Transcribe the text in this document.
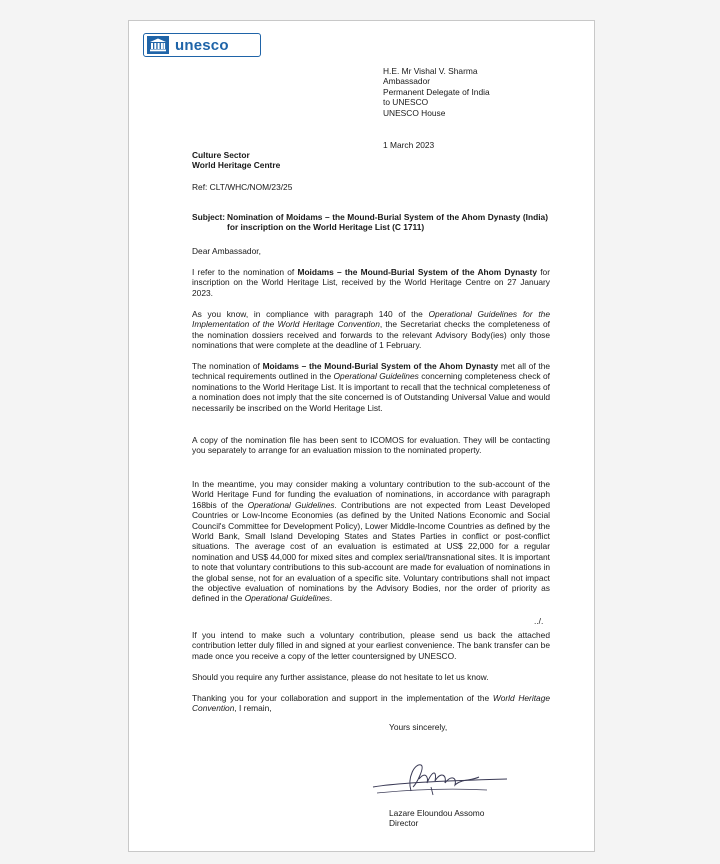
unesco
H.E. Mr Vishal V. Sharma
Ambassador
Permanent Delegate of India
to UNESCO
UNESCO House
1 March 2023
Culture Sector
World Heritage Centre
Ref: CLT/WHC/NOM/23/25
Subject: Nomination of Moidams – the Mound-Burial System of the Ahom Dynasty (India) for inscription on the World Heritage List (C 1711)
Dear Ambassador,
I refer to the nomination of Moidams – the Mound-Burial System of the Ahom Dynasty for inscription on the World Heritage List, received by the World Heritage Centre on 27 January 2023.
As you know, in compliance with paragraph 140 of the Operational Guidelines for the Implementation of the World Heritage Convention, the Secretariat checks the completeness of the nomination dossiers received and forwards to the relevant Advisory Body(ies) only those nominations that were complete at the deadline of 1 February.
The nomination of Moidams – the Mound-Burial System of the Ahom Dynasty met all of the technical requirements outlined in the Operational Guidelines concerning completeness check of nominations to the World Heritage List. It is important to recall that the technical completeness of a nomination does not imply that the site concerned is of Outstanding Universal Value and would necessarily be inscribed on the World Heritage List.
A copy of the nomination file has been sent to ICOMOS for evaluation. They will be contacting you separately to arrange for an evaluation mission to the nominated property.
In the meantime, you may consider making a voluntary contribution to the sub-account of the World Heritage Fund for funding the evaluation of nominations, in accordance with paragraph 168bis of the Operational Guidelines. Contributions are not expected from Least Developed Countries or Low-Income Economies (as defined by the United Nations Economic and Social Council's Committee for Development Policy), Lower Middle-Income Countries as defined by the World Bank, Small Island Developing States and States Parties in conflict or post-conflict situations. The average cost of an evaluation is estimated at US$ 22,000 for a regular nomination and US$ 44,000 for mixed sites and complex serial/transnational sites. It is important to note that voluntary contributions to this sub-account are made for evaluation of nominations in the global sense, not for an evaluation of a specific site. Voluntary contributions shall not impact the objective evaluation of nominations by the Advisory Bodies, nor the order of priority as defined in the Operational Guidelines.
../.
If you intend to make such a voluntary contribution, please send us back the attached contribution letter duly filled in and signed at your earliest convenience. The bank transfer can be made once you receive a copy of the letter countersigned by UNESCO.
Should you require any further assistance, please do not hesitate to let us know.
Thanking you for your collaboration and support in the implementation of the World Heritage Convention, I remain,
Yours sincerely,
Lazare Eloundou Assomo
Director
